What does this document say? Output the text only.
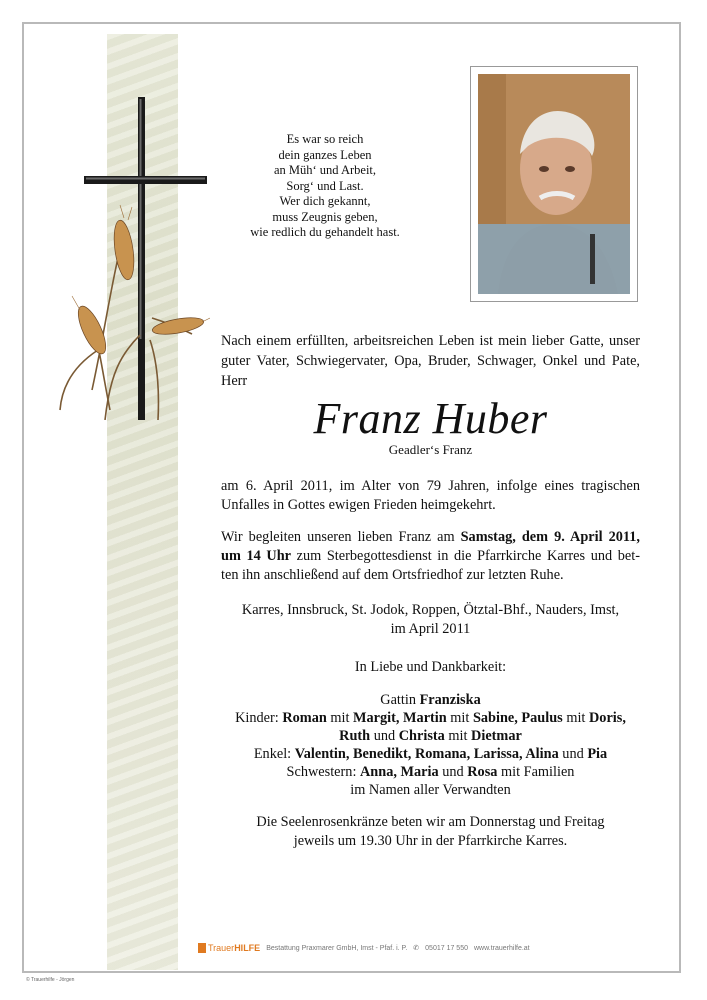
Es war so reich
dein ganzes Leben
an Müh‘ und Arbeit,
Sorg‘ und Last.
Wer dich gekannt,
muss Zeugnis geben,
wie redlich du gehandelt hast.
Nach einem erfüllten, arbeitsreichen Leben ist mein lieber Gatte, unser
guter Vater, Schwiegervater, Opa, Bruder, Schwager, Onkel und Pate, Herr
Franz Huber
Geadler‘s Franz
am 6. April 2011, im Alter von 79 Jahren, infolge eines tragischen
Unfalles in Gottes ewigen Frieden heimgekehrt.
Wir begleiten unseren lieben Franz am Samstag, dem 9. April 2011,
um 14 Uhr zum Sterbegottesdienst in die Pfarrkirche Karres und bet-
ten ihn anschließend auf dem Ortsfriedhof zur letzten Ruhe.
Karres, Innsbruck, St. Jodok, Roppen, Ötztal-Bhf., Nauders, Imst,
im April 2011
In Liebe und Dankbarkeit:
Gattin Franziska
Kinder: Roman mit Margit, Martin mit Sabine, Paulus mit Doris,
Ruth und Christa mit Dietmar
Enkel: Valentin, Benedikt, Romana, Larissa, Alina und Pia
Schwestern: Anna, Maria und Rosa mit Familien
im Namen aller Verwandten
Die Seelenrosenkränze beten wir am Donnerstag und Freitag
jeweils um 19.30 Uhr in der Pfarrkirche Karres.
TrauerHILFE Bestattung Praxmarer GmbH, Imst - Pfaf. i. P. ✆ 05017 17 550 www.trauerhilfe.at
© Trauerhilfe - Jörgen
